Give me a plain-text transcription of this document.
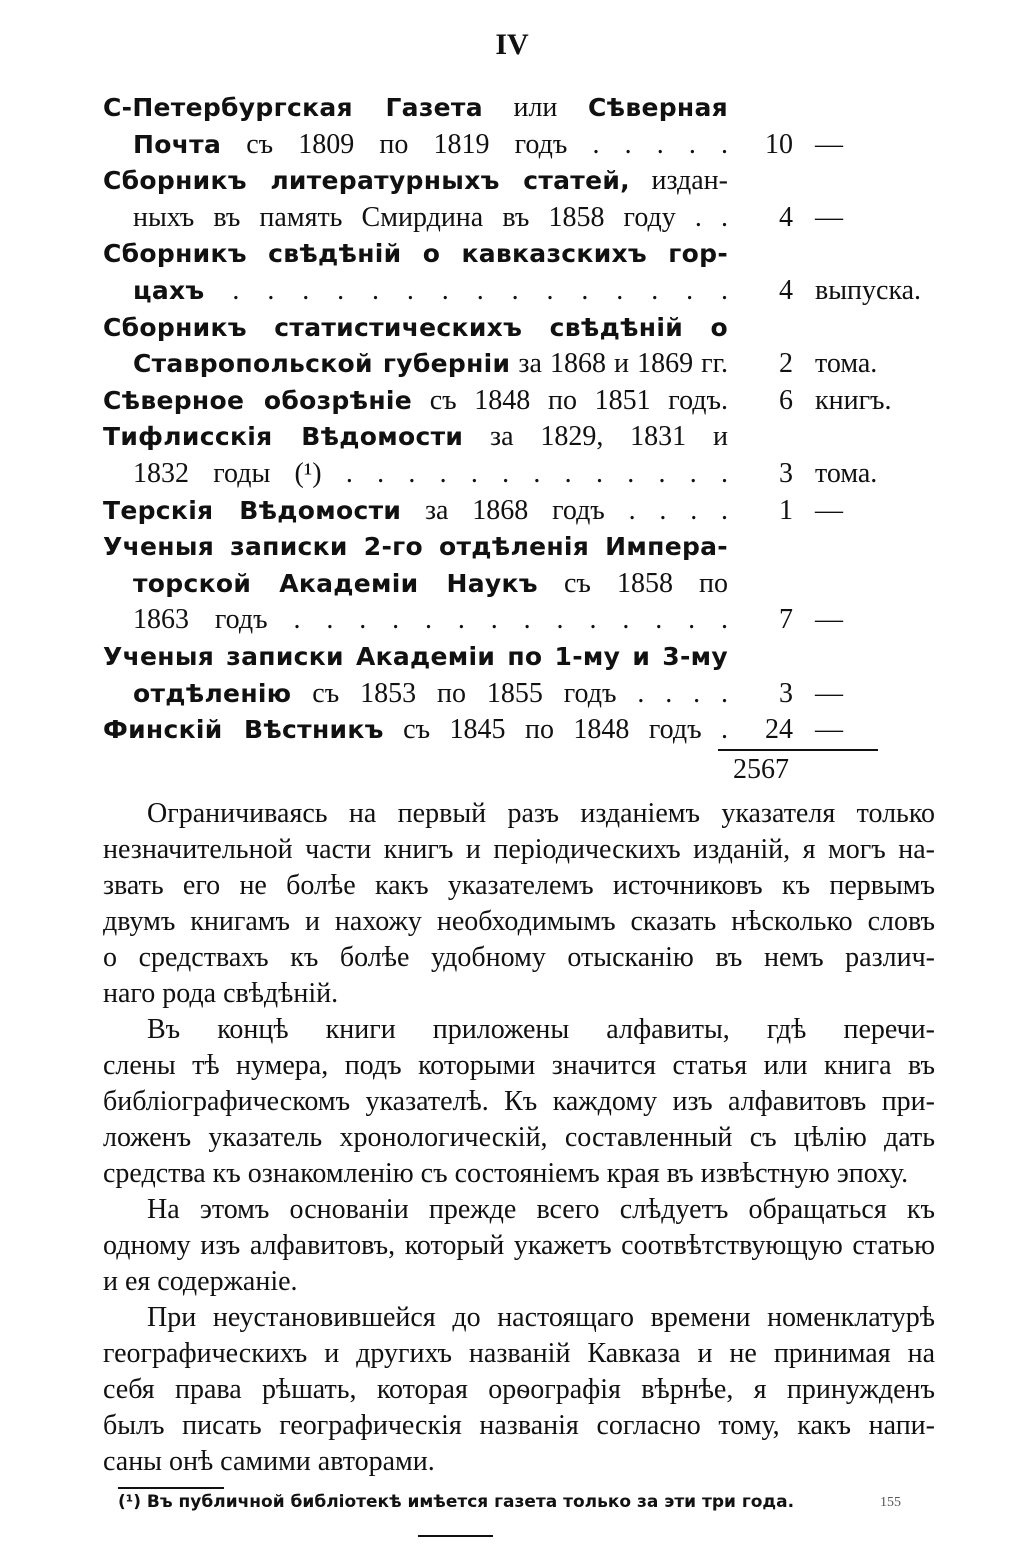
IV
С-Петербургская Газета или Сѣверная
Почта съ 1809 по 1819 годъ . . . . .	10 —
Сборникъ литературныхъ статей, издан-
ныхъ въ память Смирдина въ 1858 году . .	4 —
Сборникъ свѣдѣній о кавказскихъ гор-
цахъ . . . . . . . . . . . . . . .	4 выпуска.
Сборникъ статистическихъ свѣдѣній о
Ставропольской губерніи за 1868 и 1869 гг.	2 тома.
Сѣверное обозрѣніе съ 1848 по 1851 годъ.	6 книгъ.
Тифлисскія Вѣдомости за 1829, 1831 и
1832 годы (¹) . . . . . . . . . . . . .	3 тома.
Терскія Вѣдомости за 1868 годъ . . . .	1 —
Ученыя записки 2-го отдѣленія Импера-
торской Академіи Наукъ съ 1858 по
1863 годъ . . . . . . . . . . . . . .	7 —
Ученыя записки Академіи по 1-му и 3-му
отдѣленію съ 1853 по 1855 годъ . . . .	3 —
Финскій Вѣстникъ съ 1845 по 1848 годъ .	24 —
2567
Ограничиваясь на первый разъ изданіемъ указателя только
незначительной части книгъ и періодическихъ изданій, я могъ на-
звать его не болѣе какъ указателемъ источниковъ къ первымъ
двумъ книгамъ и нахожу необходимымъ сказать нѣсколько словъ
о средствахъ къ болѣе удобному отысканію въ немъ различ-
наго рода свѣдѣній.
Въ концѣ книги приложены алфавиты, гдѣ перечи-
слены тѣ нумера, подъ которыми значится статья или книга въ
библіографическомъ указателѣ. Къ каждому изъ алфавитовъ при-
ложенъ указатель хронологическій, составленный съ цѣлію дать
средства къ ознакомленію съ состояніемъ края въ извѣстную эпоху.
На этомъ основаніи прежде всего слѣдуетъ обращаться къ
одному изъ алфавитовъ, который укажетъ соотвѣтствующую статью
и ея содержаніе.
При неустановившейся до настоящаго времени номенклатурѣ
географическихъ и другихъ названій Кавказа и не принимая на
себя права рѣшать, которая орѳографія вѣрнѣе, я принужденъ
былъ писать географическія названія согласно тому, какъ напи-
саны онѣ самими авторами.
(¹) Въ публичной библіотекѣ имѣется газета только за эти три года.	155
